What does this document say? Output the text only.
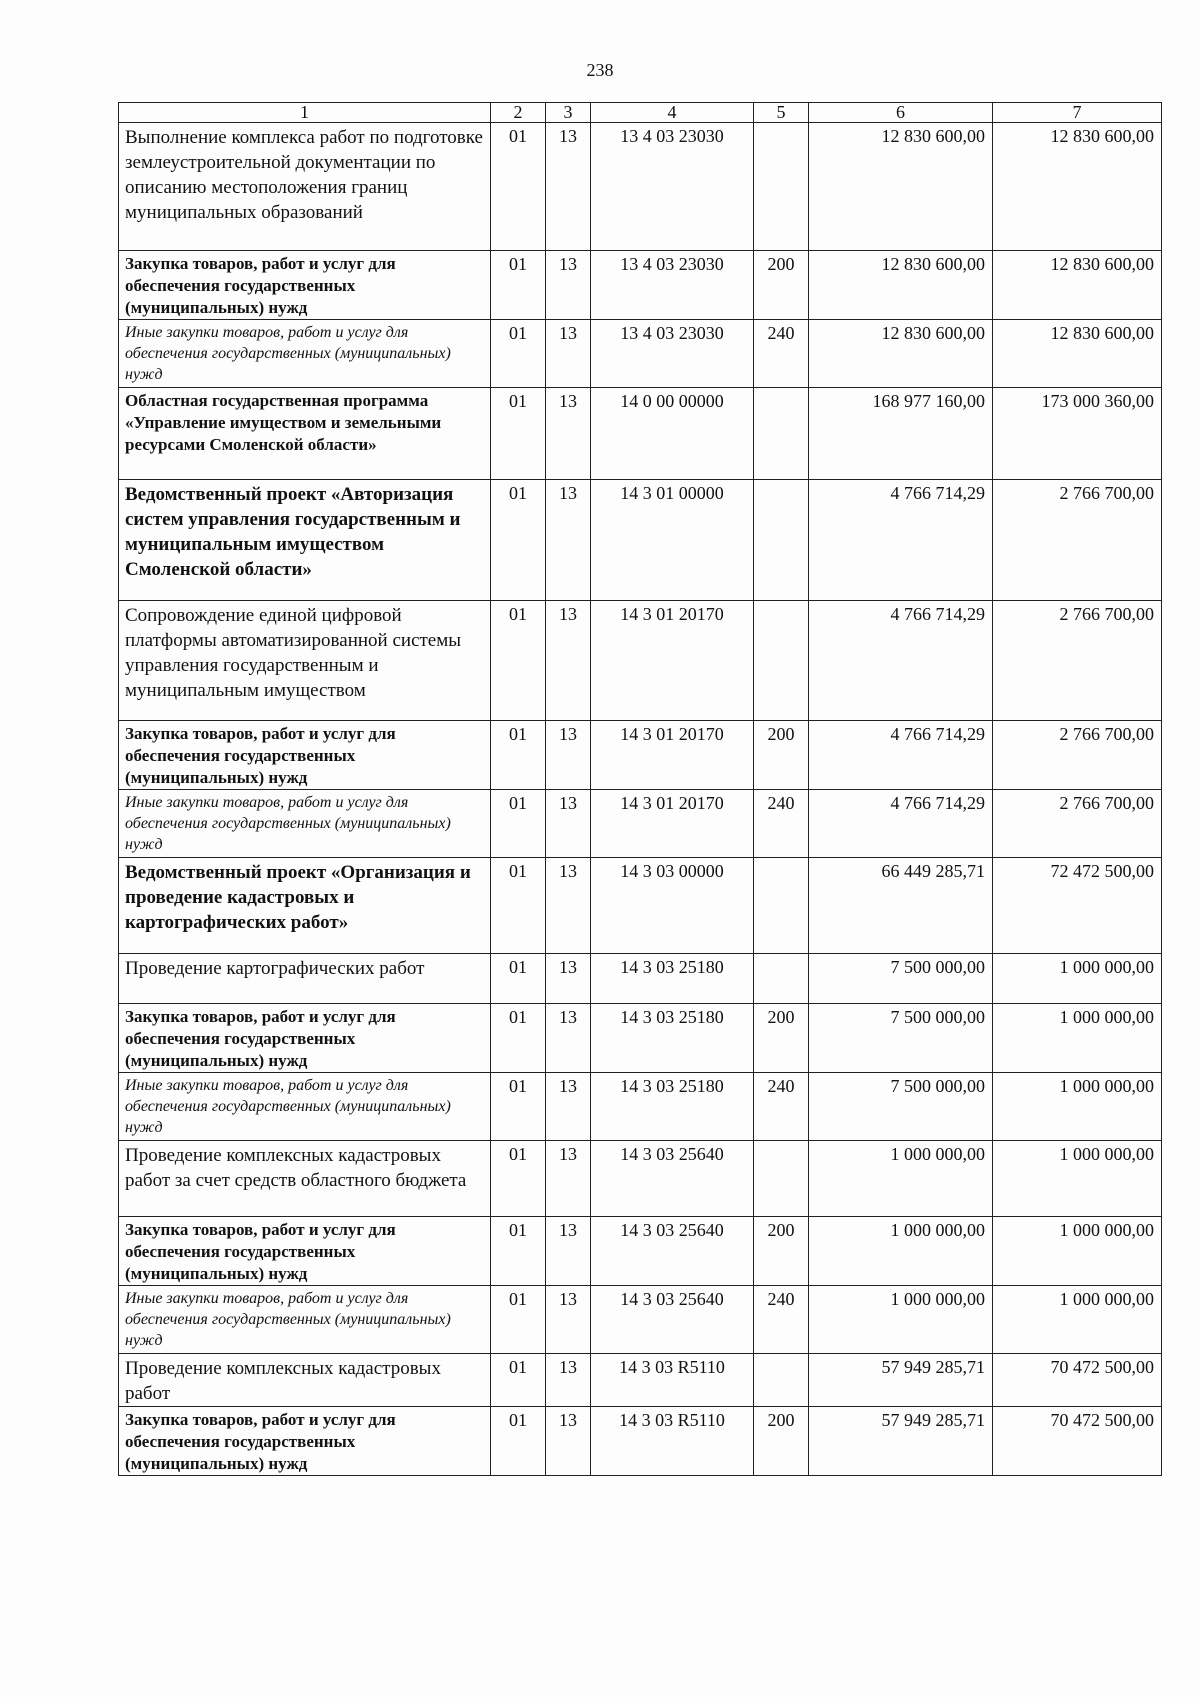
238
1	2	3	4	5	6	7
Выполнение комплекса работ по подготовке землеустроительной документации по описанию местоположения границ муниципальных образований	01	13	13 4 03 23030		12 830 600,00	12 830 600,00
Закупка товаров, работ и услуг для обеспечения государственных (муниципальных) нужд	01	13	13 4 03 23030	200	12 830 600,00	12 830 600,00
Иные закупки товаров, работ и услуг для обеспечения государственных (муниципальных) нужд	01	13	13 4 03 23030	240	12 830 600,00	12 830 600,00
Областная государственная программа «Управление имуществом и земельными ресурсами Смоленской области»	01	13	14 0 00 00000		168 977 160,00	173 000 360,00
Ведомственный проект «Авторизация систем управления государственным и муниципальным имуществом Смоленской области»	01	13	14 3 01 00000		4 766 714,29	2 766 700,00
Сопровождение единой цифровой платформы автоматизированной системы управления государственным и муниципальным имуществом	01	13	14 3 01 20170		4 766 714,29	2 766 700,00
Закупка товаров, работ и услуг для обеспечения государственных (муниципальных) нужд	01	13	14 3 01 20170	200	4 766 714,29	2 766 700,00
Иные закупки товаров, работ и услуг для обеспечения государственных (муниципальных) нужд	01	13	14 3 01 20170	240	4 766 714,29	2 766 700,00
Ведомственный проект «Организация и проведение кадастровых и картографических работ»	01	13	14 3 03 00000		66 449 285,71	72 472 500,00
Проведение картографических работ	01	13	14 3 03 25180		7 500 000,00	1 000 000,00
Закупка товаров, работ и услуг для обеспечения государственных (муниципальных) нужд	01	13	14 3 03 25180	200	7 500 000,00	1 000 000,00
Иные закупки товаров, работ и услуг для обеспечения государственных (муниципальных) нужд	01	13	14 3 03 25180	240	7 500 000,00	1 000 000,00
Проведение комплексных кадастровых работ за счет средств областного бюджета	01	13	14 3 03 25640		1 000 000,00	1 000 000,00
Закупка товаров, работ и услуг для обеспечения государственных (муниципальных) нужд	01	13	14 3 03 25640	200	1 000 000,00	1 000 000,00
Иные закупки товаров, работ и услуг для обеспечения государственных (муниципальных) нужд	01	13	14 3 03 25640	240	1 000 000,00	1 000 000,00
Проведение комплексных кадастровых работ	01	13	14 3 03 R5110		57 949 285,71	70 472 500,00
Закупка товаров, работ и услуг для обеспечения государственных (муниципальных) нужд	01	13	14 3 03 R5110	200	57 949 285,71	70 472 500,00
